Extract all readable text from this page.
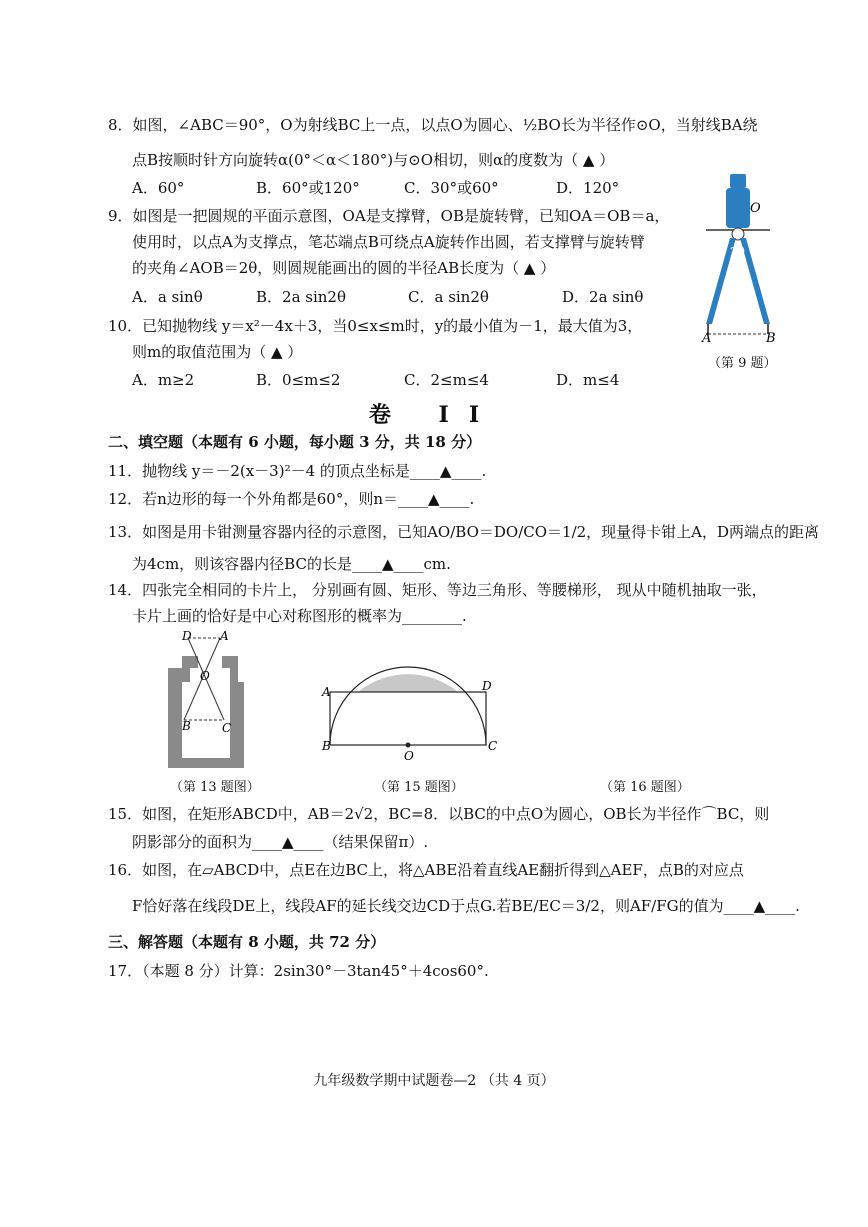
8．如图，∠ABC＝90°，O为射线BC上一点，以点O为圆心、½BO长为半径作⊙O，当射线BA绕
点B按顺时针方向旋转α(0°＜α＜180°)与⊙O相切，则α的度数为（ ▲ ）
A．60°	B．60°或120°	C．30°或60°	D．120°
9．如图是一把圆规的平面示意图，OA是支撑臂，OB是旋转臂，已知OA＝OB＝a，
使用时，以点A为支撑点，笔芯端点B可绕点A旋转作出圆，若支撑臂与旋转臂
的夹角∠AOB＝2θ，则圆规能画出的圆的半径AB长度为（ ▲ ）
A．a sinθ	B．2a sin2θ	C．a sin2θ	D．2a sinθ
O
2θ
A	B
（第 9 题）
10．已知抛物线 y＝x²－4x＋3，当0≤x≤m时，y的最小值为－1，最大值为3，
则m的取值范围为（ ▲ ）
A．m≥2	B．0≤m≤2	C．2≤m≤4	D．m≤4
卷 II
二、填空题（本题有 6 小题，每小题 3 分，共 18 分）
11．抛物线 y＝－2(x－3)²－4 的顶点坐标是____▲____.
12．若n边形的每一个外角都是60°，则n＝____▲____.
13．如图是用卡钳测量容器内径的示意图，已知AO/BO＝DO/CO＝1/2，现量得卡钳上A，D两端点的距离
为4cm，则该容器内径BC的长是____▲____cm.
14．四张完全相同的卡片上， 分别画有圆、矩形、等边三角形、等腰梯形， 现从中随机抽取一张，
卡片上画的恰好是中心对称图形的概率为________.
D A
O
B	C
（第 13 题图）
A	D
B
O
C
（第 15 题图）	（第 16 题图）
15．如图，在矩形ABCD中，AB＝2√2，BC=8．以BC的中点O为圆心，OB长为半径作⌒BC，则
阴影部分的面积为____▲____（结果保留π）.
16．如图，在▱ABCD中，点E在边BC上，将△ABE沿着直线AE翻折得到△AEF，点B的对应点
F恰好落在线段DE上，线段AF的延长线交边CD于点G.若BE/EC＝3/2，则AF/FG的值为____▲____.
三、解答题（本题有 8 小题，共 72 分）
17．（本题 8 分）计算：2sin30°－3tan45°＋4cos60°.
九年级数学期中试题卷—2 （共 4 页）
